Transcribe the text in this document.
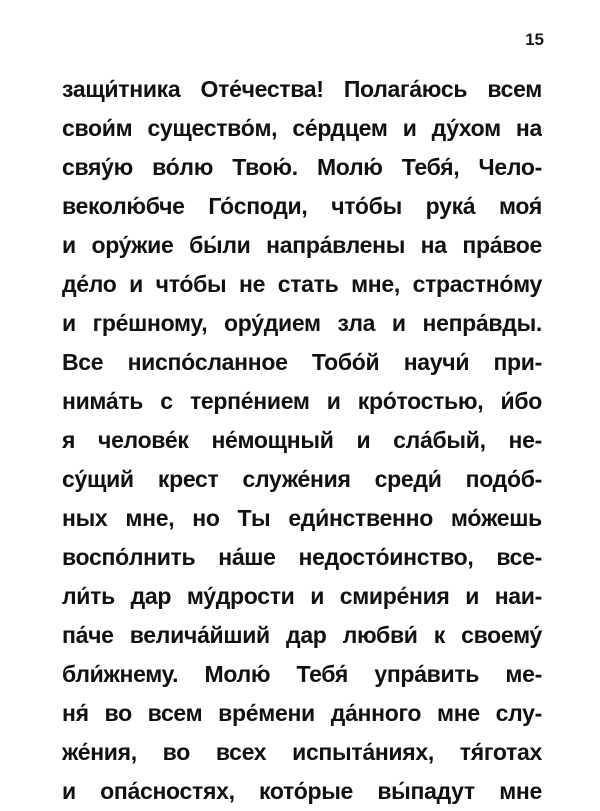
15
защи́тника Оте́чества! Полага́юсь всем
свои́м существо́м, се́рдцем и ду́хом на
свяу́ю во́лю Твою́. Молю́ Тебя́, Чело-
веколю́бче Го́споди, что́бы рука́ моя́
и ору́жие бы́ли напра́влены на пра́вое
де́ло и что́бы не стать мне, страстно́му
и гре́шному, ору́дием зла и непра́вды.
Все ниспо́сланное Тобо́й научи́ при-
нима́ть с терпе́нием и кро́тостью, и́бо
я челове́к не́мощный и сла́бый, не-
су́щий крест служе́ния среди́ подо́б-
ных мне, но Ты еди́нственно мо́жешь
воспо́лнить на́ше недосто́инство, все-
ли́ть дар му́дрости и смире́ния и наи-
па́че велича́йший дар любви́ к своему́
бли́жнему. Молю́ Тебя́ упра́вить ме-
ня́ во всем вре́мени да́нного мне слу-
же́ния, во всех испыта́ниях, тя́готах
и опа́сностях, кото́рые вы́падут мне
